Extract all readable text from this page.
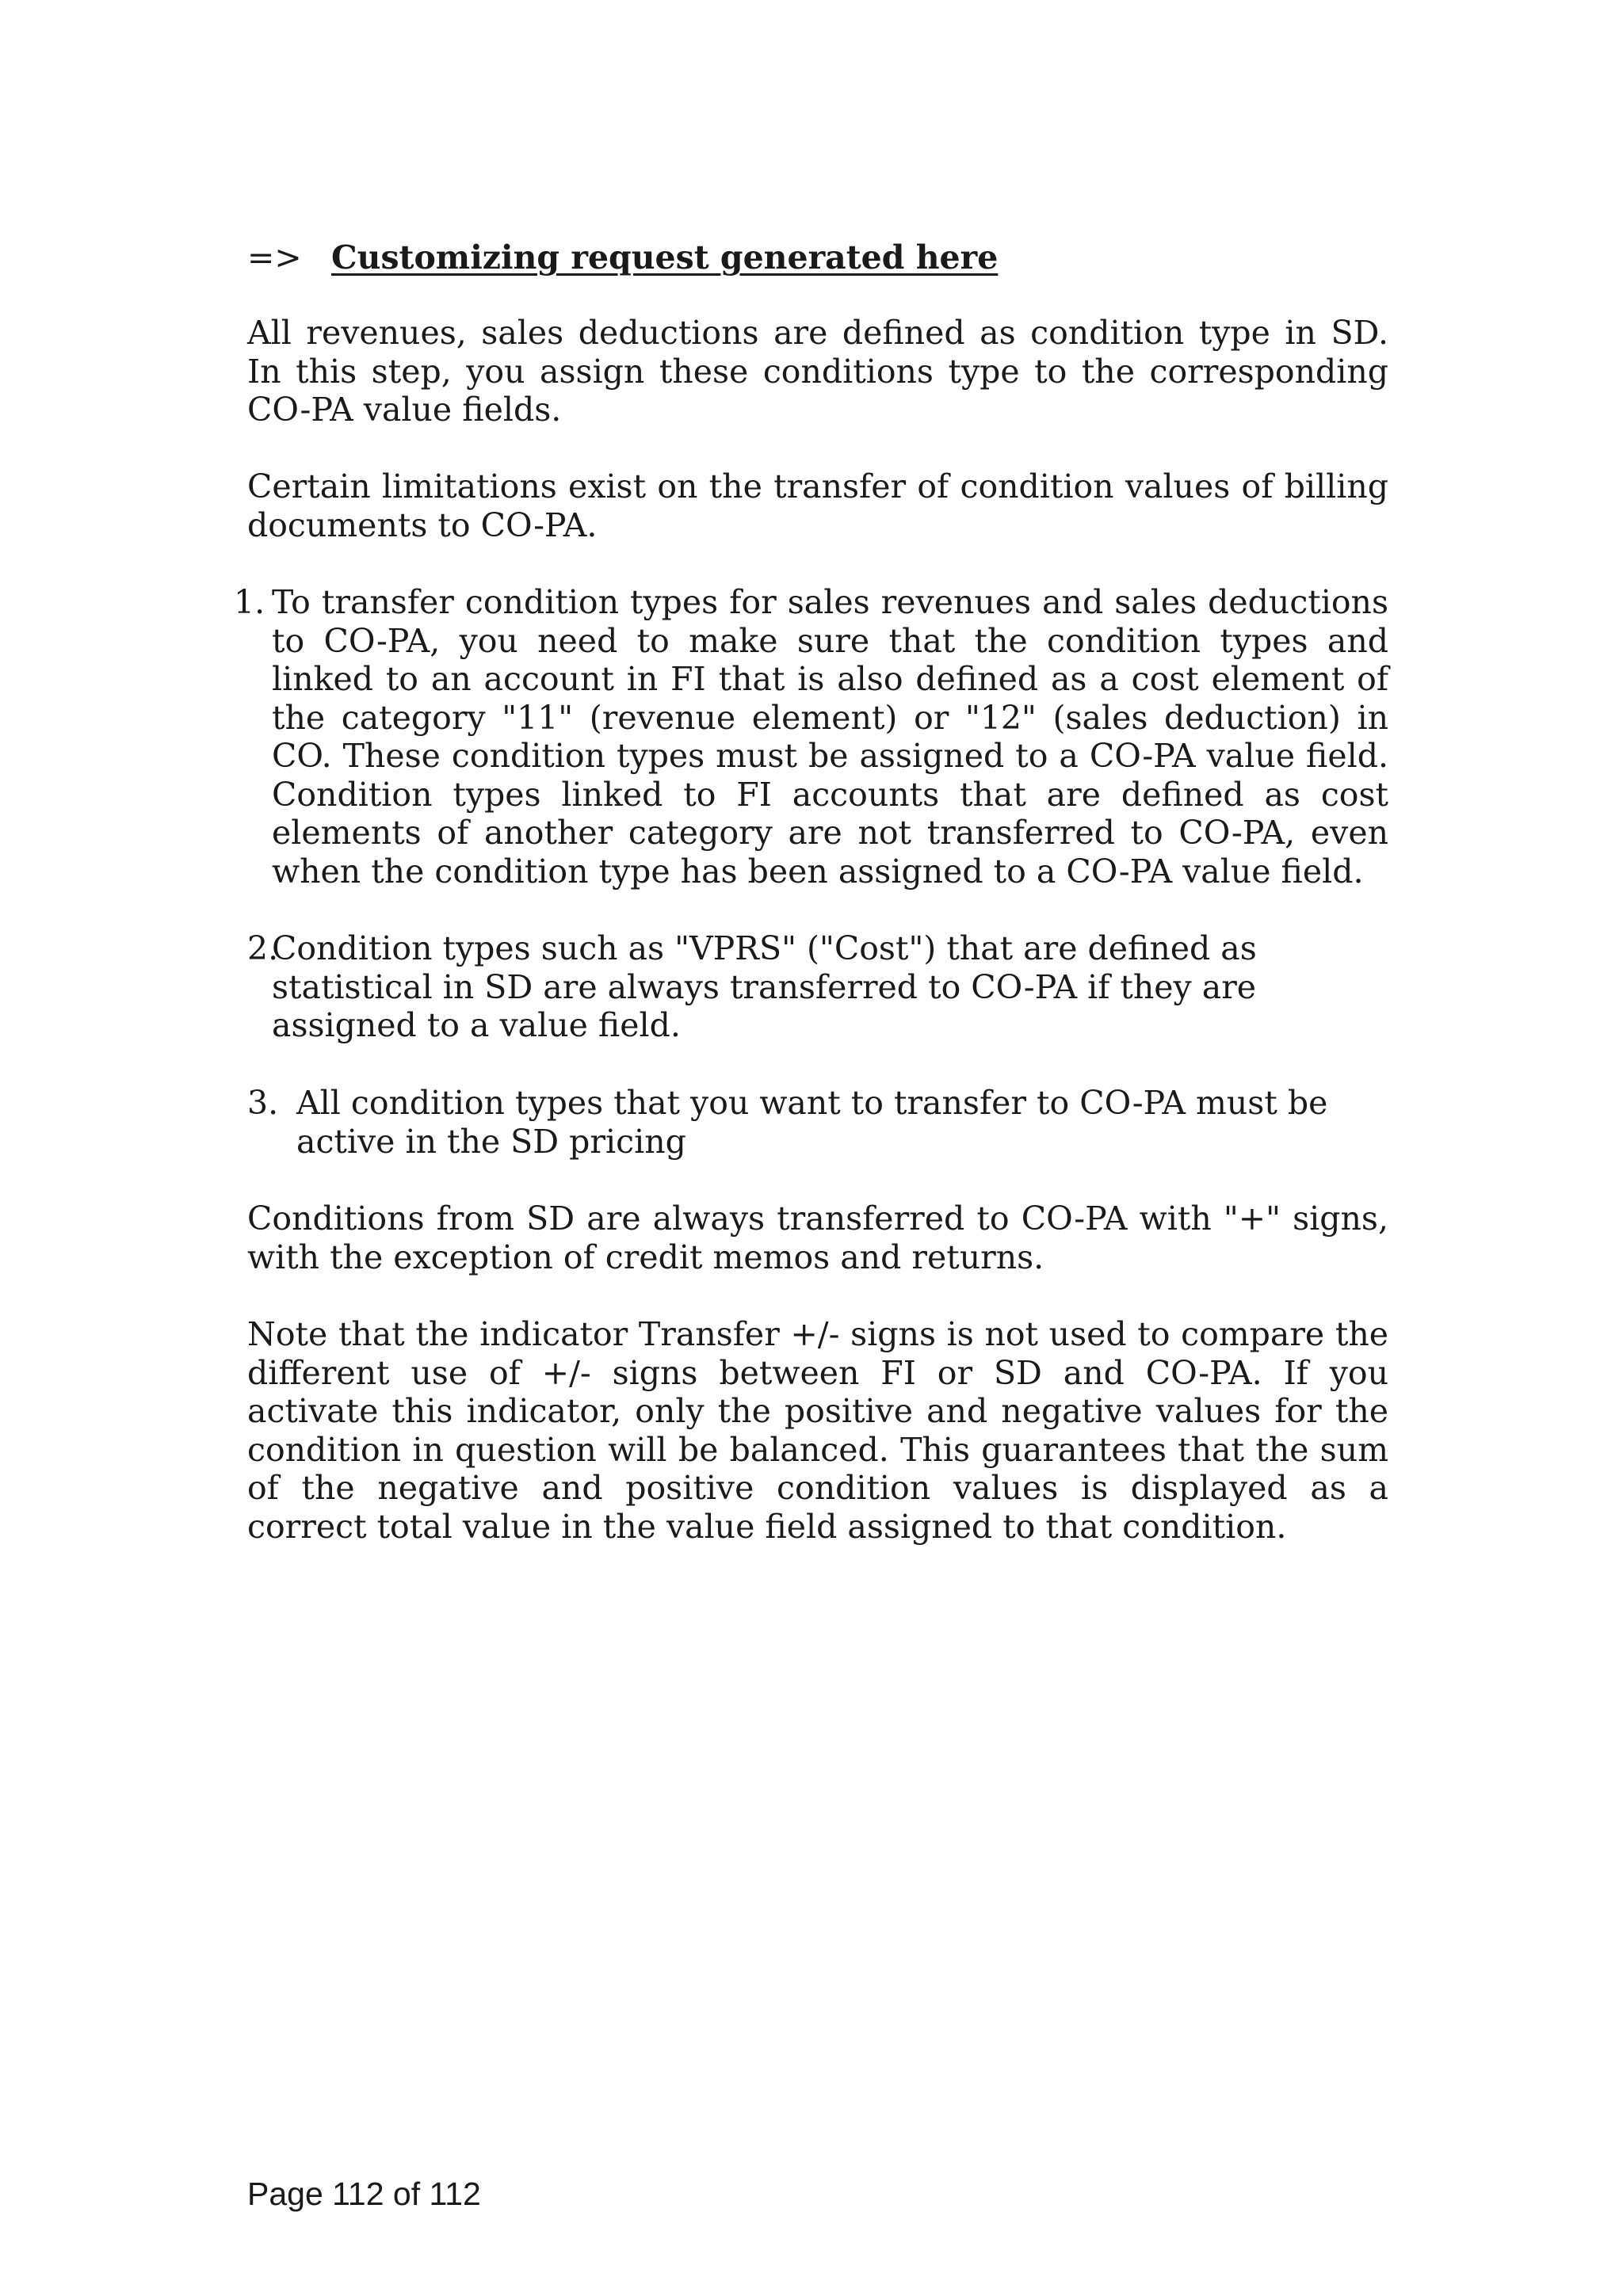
=> Customizing request generated here

All revenues, sales deductions are defined as condition type in SD. In this step, you assign these conditions type to the corresponding CO-PA value fields.

Certain limitations exist on the transfer of condition values of billing documents to CO-PA.

1. To transfer condition types for sales revenues and sales deductions to CO-PA, you need to make sure that the condition types and linked to an account in FI that is also defined as a cost element of the category "11" (revenue element) or "12" (sales deduction) in CO. These condition types must be assigned to a CO-PA value field. Condition types linked to FI accounts that are defined as cost elements of another category are not transferred to CO-PA, even when the condition type has been assigned to a CO-PA value field.

2.

Condition types such as "VPRS" ("Cost") that are defined as statistical in SD are always transferred to CO-PA if they are assigned to a value field.

3. All condition types that you want to transfer to CO-PA must be active in the SD pricing

Conditions from SD are always transferred to CO-PA with "+" signs, with the exception of credit memos and returns.

Note that the indicator Transfer +/- signs is not used to compare the different use of +/- signs between FI or SD and CO-PA. If you activate this indicator, only the positive and negative values for the condition in question will be balanced. This guarantees that the sum of the negative and positive condition values is displayed as a correct total value in the value field assigned to that condition.

Page 112 of 112
